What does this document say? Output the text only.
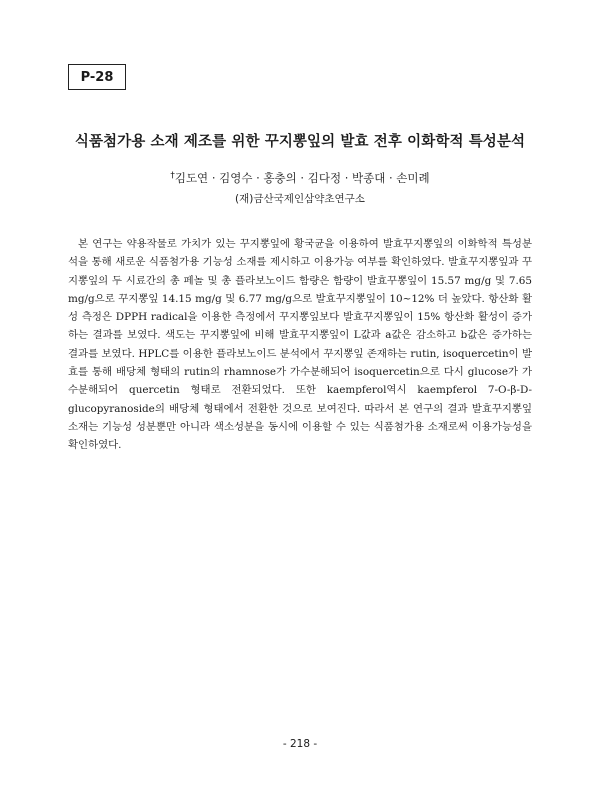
P-28
식품첨가용 소재 제조를 위한 꾸지뽕잎의 발효 전후 이화학적 특성분석
†김도연 · 김영수 · 홍충의 · 김다정 · 박종대 · 손미례
(재)금산국제인삼약초연구소

본 연구는 약용작물로 가치가 있는 꾸지뽕잎에 황국균을 이용하여 발효꾸지뽕잎의 이화학적 특성분석을 통해 새로운 식품첨가용 기능성 소재를 제시하고 이용가능 여부를 확인하였다. 발효꾸지뽕잎과 꾸지뽕잎의 두 시료간의 총 페놀 및 총 플라보노이드 함량은 함량이 발효꾸뽕잎이 15.57 mg/g 및 7.65 mg/g으로 꾸지뽕잎 14.15 mg/g 및 6.77 mg/g으로 발효꾸지뽕잎이 10~12% 더 높았다. 항산화 활성 측정은 DPPH radical을 이용한 측정에서 꾸지뽕잎보다 발효꾸지뽕잎이 15% 항산화 활성이 증가하는 결과를 보였다. 색도는 꾸지뽕잎에 비해 발효꾸지뽕잎이 L값과 a값은 감소하고 b값은 증가하는 결과를 보였다. HPLC를 이용한 플라보노이드 분석에서 꾸지뽕잎 존재하는 rutin, isoquercetin이 발효를 통해 배당체 형태의 rutin의 rhamnose가 가수분해되어 isoquercetin으로 다시 glucose가 가수분해되어 quercetin 형태로 전환되었다. 또한 kaempferol역시 kaempferol 7-O-β-D-glucopyranoside의 배당체 형태에서 전환한 것으로 보여진다. 따라서 본 연구의 결과 발효꾸지뽕잎 소재는 기능성 성분뿐만 아니라 색소성분을 동시에 이용할 수 있는 식품첨가용 소재로써 이용가능성을 확인하였다.

- 218 -
